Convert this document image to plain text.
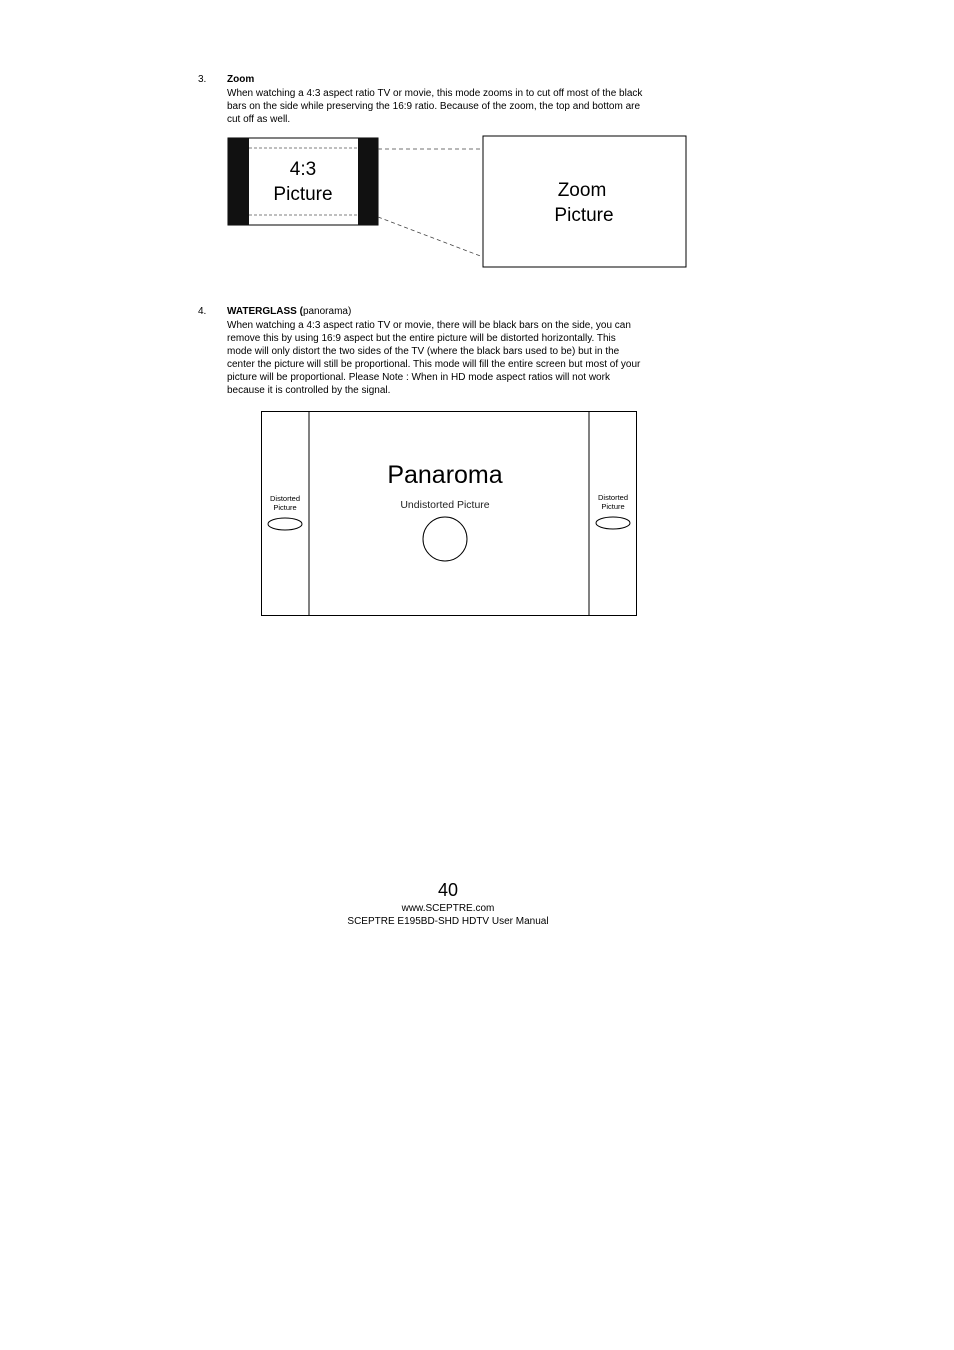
3. Zoom
When watching a 4:3 aspect ratio TV or movie, this mode zooms in to cut off most of the black
bars on the side while preserving the 16:9 ratio. Because of the zoom, the top and bottom are
cut off as well.
4:3
Picture	Zoom
Picture
4. WATERGLASS (panorama)
When watching a 4:3 aspect ratio TV or movie, there will be black bars on the side, you can
remove this by using 16:9 aspect but the entire picture will be distorted horizontally. This
mode will only distort the two sides of the TV (where the black bars used to be) but in the
center the picture will still be proportional. This mode will fill the entire screen but most of your
picture will be proportional. Please Note : When in HD mode aspect ratios will not work
because it is controlled by the signal.
Distorted
Picture
Distorted
Picture
Panaroma
Undistorted Picture
40
www.SCEPTRE.com
SCEPTRE E195BD-SHD HDTV User Manual
